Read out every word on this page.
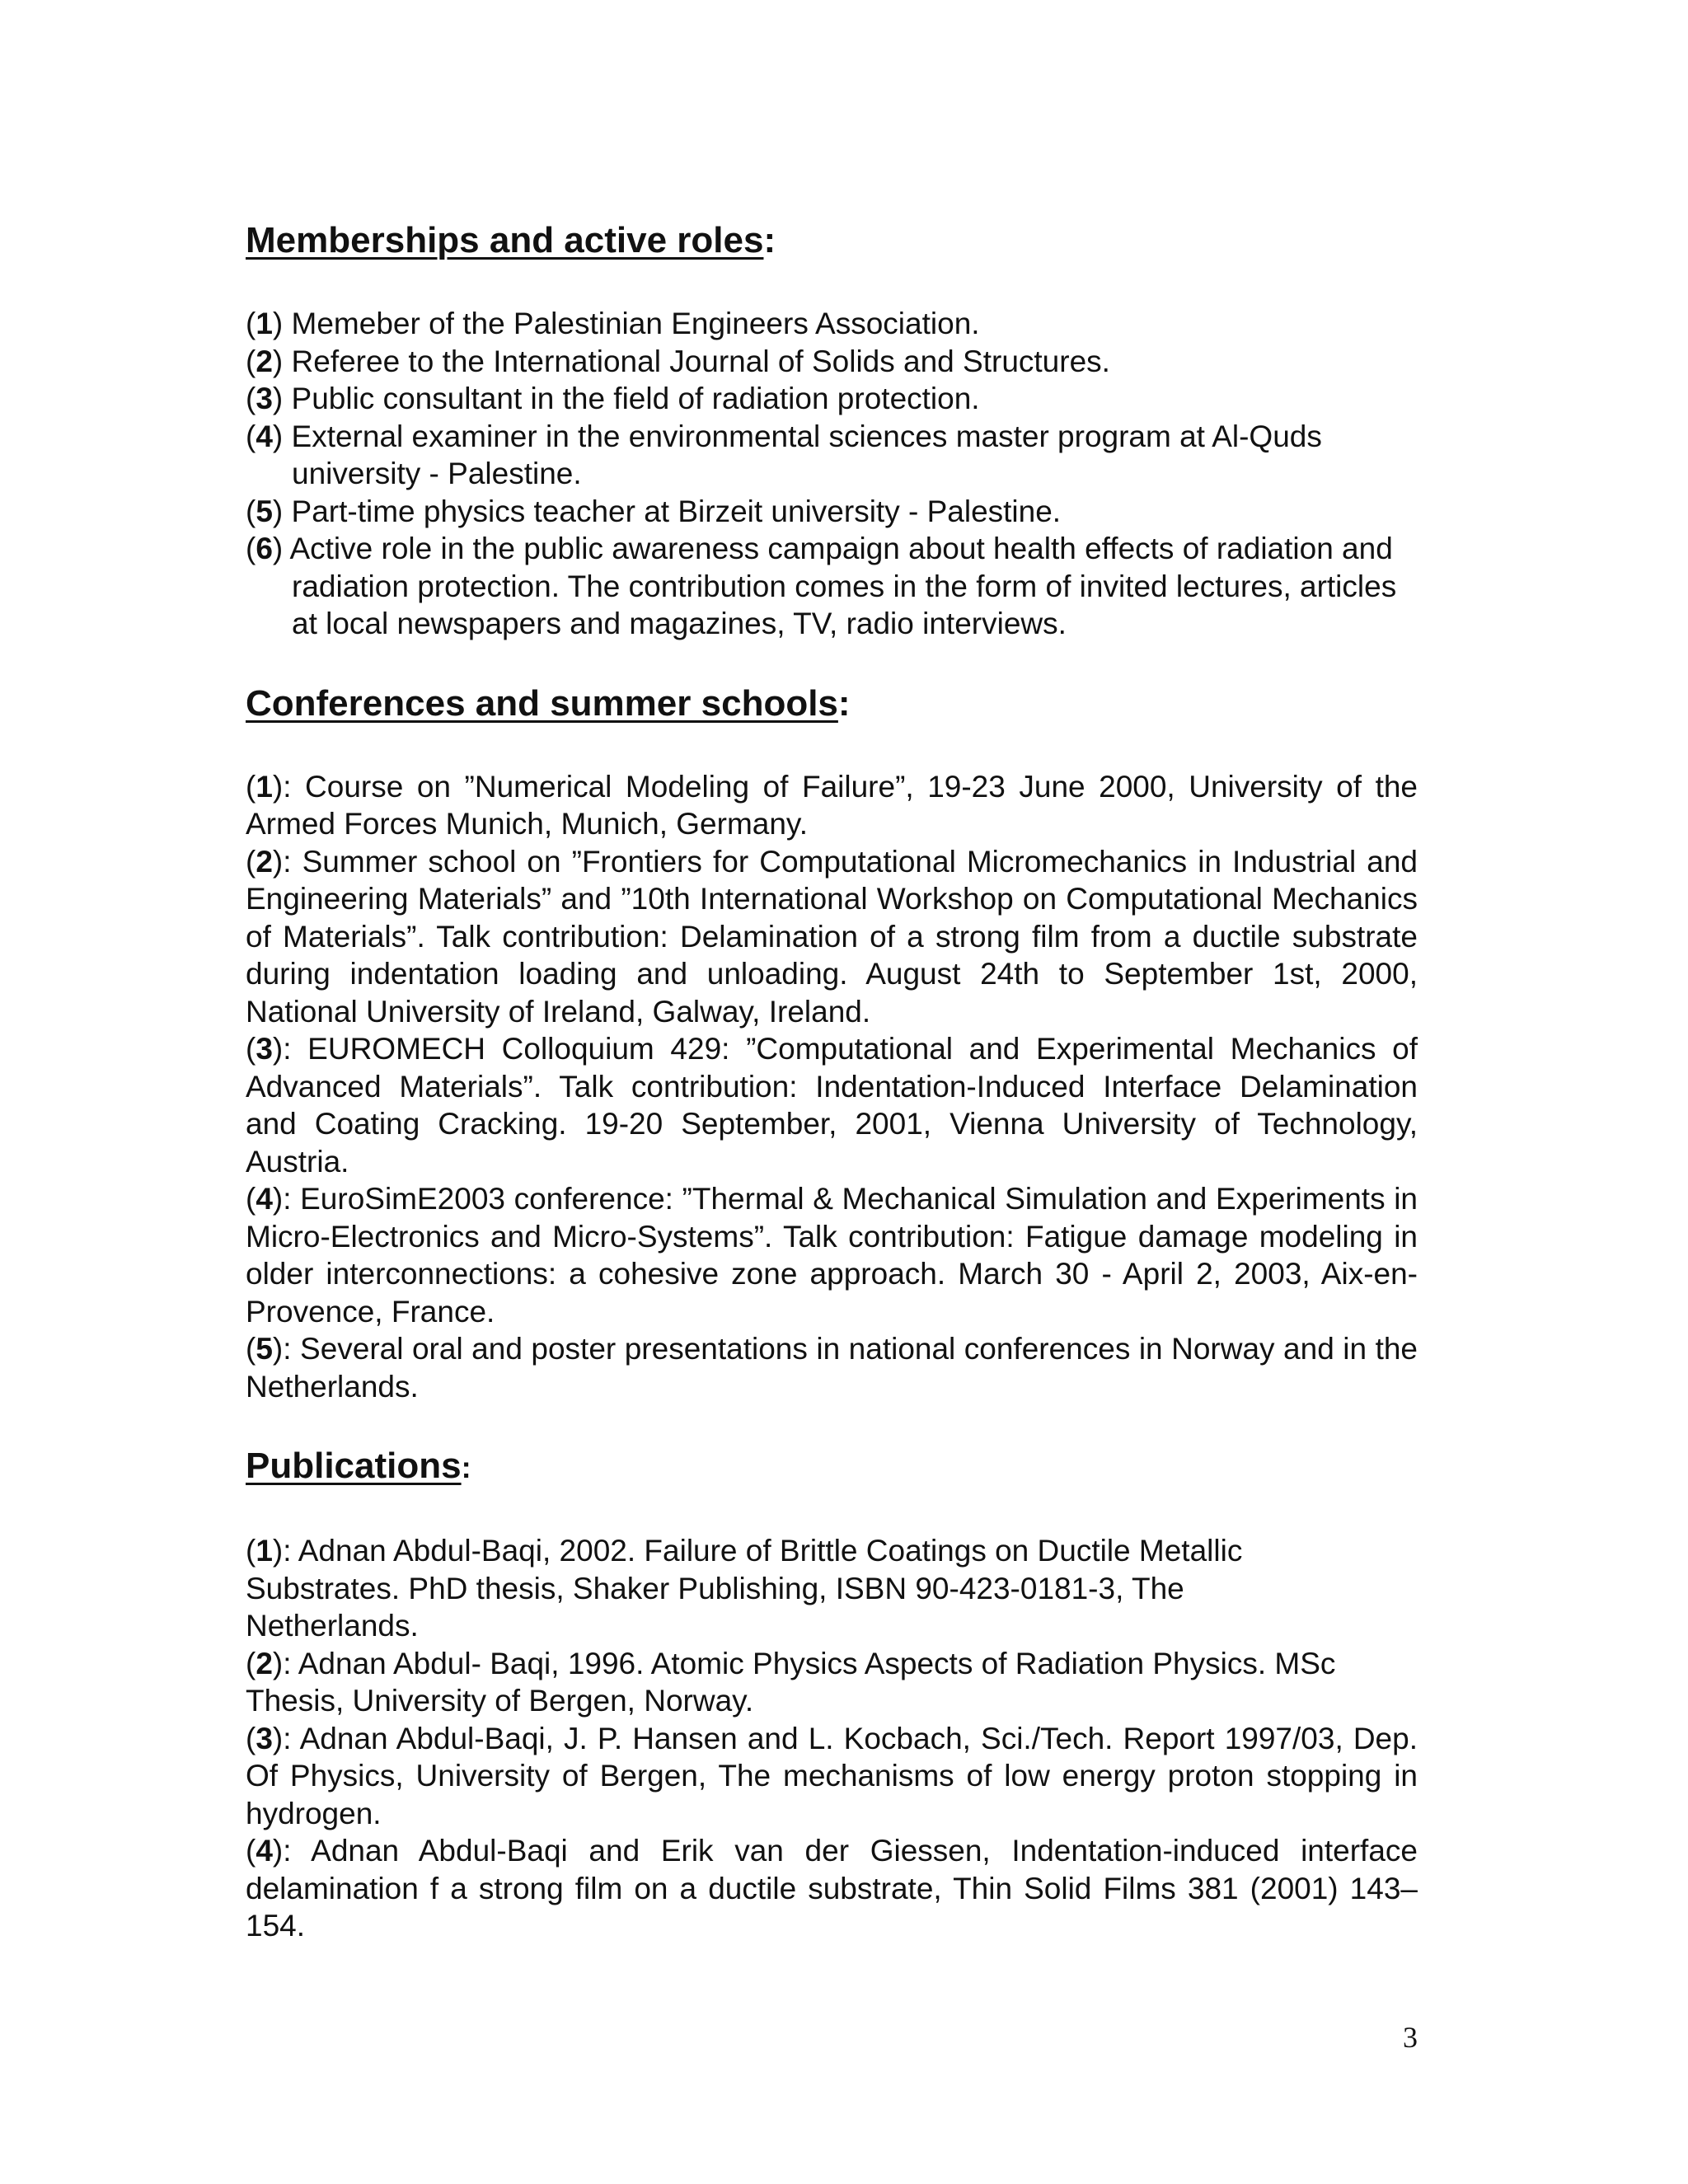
Memberships and active roles:

(1) Memeber of the Palestinian Engineers Association.

(2) Referee to the International Journal of Solids and Structures.

(3) Public consultant in the field of radiation protection.

(4) External examiner in the environmental sciences master program at Al-Quds university - Palestine.

(5) Part-time physics teacher at Birzeit university - Palestine.

(6) Active role in the public awareness campaign about health effects of radiation and radiation protection. The contribution comes in the form of invited lectures, articles at local newspapers and magazines, TV, radio interviews.

Conferences and summer schools:

(1): Course on ”Numerical Modeling of Failure”, 19-23 June 2000, University of the Armed Forces Munich, Munich, Germany.

(2): Summer school on ”Frontiers for Computational Micromechanics in Industrial and Engineering Materials” and ”10th International Workshop on Computational Mechanics of Materials”. Talk contribution: Delamination of a strong film from a ductile substrate during indentation loading and unloading. August 24th to September 1st, 2000, National University of Ireland, Galway, Ireland.

(3): EUROMECH Colloquium 429: ”Computational and Experimental Mechanics of Advanced Materials”. Talk contribution: Indentation-Induced Interface Delamination and Coating Cracking. 19-20 September, 2001, Vienna University of Technology, Austria.

(4): EuroSimE2003 conference: ”Thermal & Mechanical Simulation and Experiments in Micro-Electronics and Micro-Systems”. Talk contribution: Fatigue damage modeling in older interconnections: a cohesive zone approach. March 30 - April 2, 2003, Aix-en-Provence, France.

(5): Several oral and poster presentations in national conferences in Norway and in the Netherlands.

Publications:

(1): Adnan Abdul-Baqi, 2002. Failure of Brittle Coatings on Ductile Metallic Substrates. PhD thesis, Shaker Publishing, ISBN 90-423-0181-3, The Netherlands.

(2): Adnan Abdul- Baqi, 1996. Atomic Physics Aspects of Radiation Physics. MSc Thesis, University of Bergen, Norway.

(3): Adnan Abdul-Baqi, J. P. Hansen and L. Kocbach, Sci./Tech. Report 1997/03, Dep. Of Physics, University of Bergen, The mechanisms of low energy proton stopping in hydrogen.

(4): Adnan Abdul-Baqi and Erik van der Giessen, Indentation-induced interface delamination f a strong film on a ductile substrate, Thin Solid Films 381 (2001) 143–154.

3
